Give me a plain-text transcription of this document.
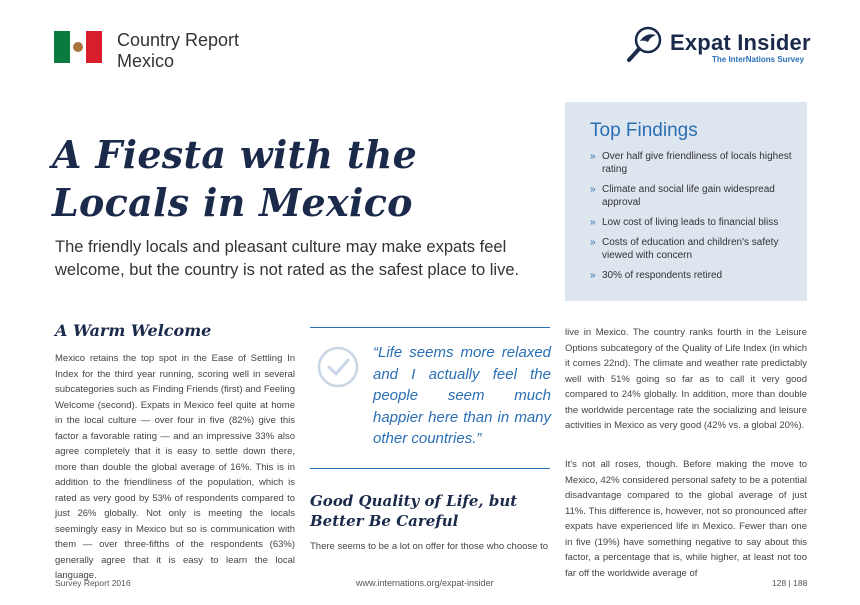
Country Report
Mexico
Expat Insider
The InterNations Survey
A Fiesta with the
Locals in Mexico
The friendly locals and pleasant culture may make expats feel welcome, but the country is not rated as the safest place to live.
Top Findings
» Over half give friendliness of locals highest rating
» Climate and social life gain widespread approval
» Low cost of living leads to financial bliss
» Costs of education and children's safety viewed with concern
» 30% of respondents retired
A Warm Welcome
Mexico retains the top spot in the Ease of Settling In Index for the third year running, scoring well in several subcategories such as Finding Friends (first) and Feeling Welcome (second). Expats in Mexico feel quite at home in the local culture — over four in five (82%) give this factor a favorable rating — and an impressive 33% also agree completely that it is easy to settle down there, more than double the global average of 16%. This is in addition to the friendliness of the population, which is rated as very good by 53% of respondents compared to just 26% globally. Not only is meeting the locals seemingly easy in Mexico but so is communication with them — over three-fifths of the respondents (63%) generally agree that it is easy to learn the local language.
“Life seems more relaxed and I actually feel the people seem much happier here than in many other countries.”
Good Quality of Life, but Better Be Careful
There seems to be a lot on offer for those who choose to
live in Mexico. The country ranks fourth in the Leisure Options subcategory of the Quality of Life Index (in which it comes 22nd). The climate and weather rate predictably well with 51% going so far as to call it very good compared to 24% globally. In addition, more than double the worldwide percentage rate the socializing and leisure activities in Mexico as very good (42% vs. a global 20%).
It's not all roses, though. Before making the move to Mexico, 42% considered personal safety to be a potential disadvantage compared to the global average of just 11%. This difference is, however, not so pronounced after expats have experienced life in Mexico. Fewer than one in five (19%) have something negative to say about this factor, a percentage that is, while higher, at least not too far off the worldwide average of
Survey Report 2016	www.internations.org/expat-insider	128 | 188
